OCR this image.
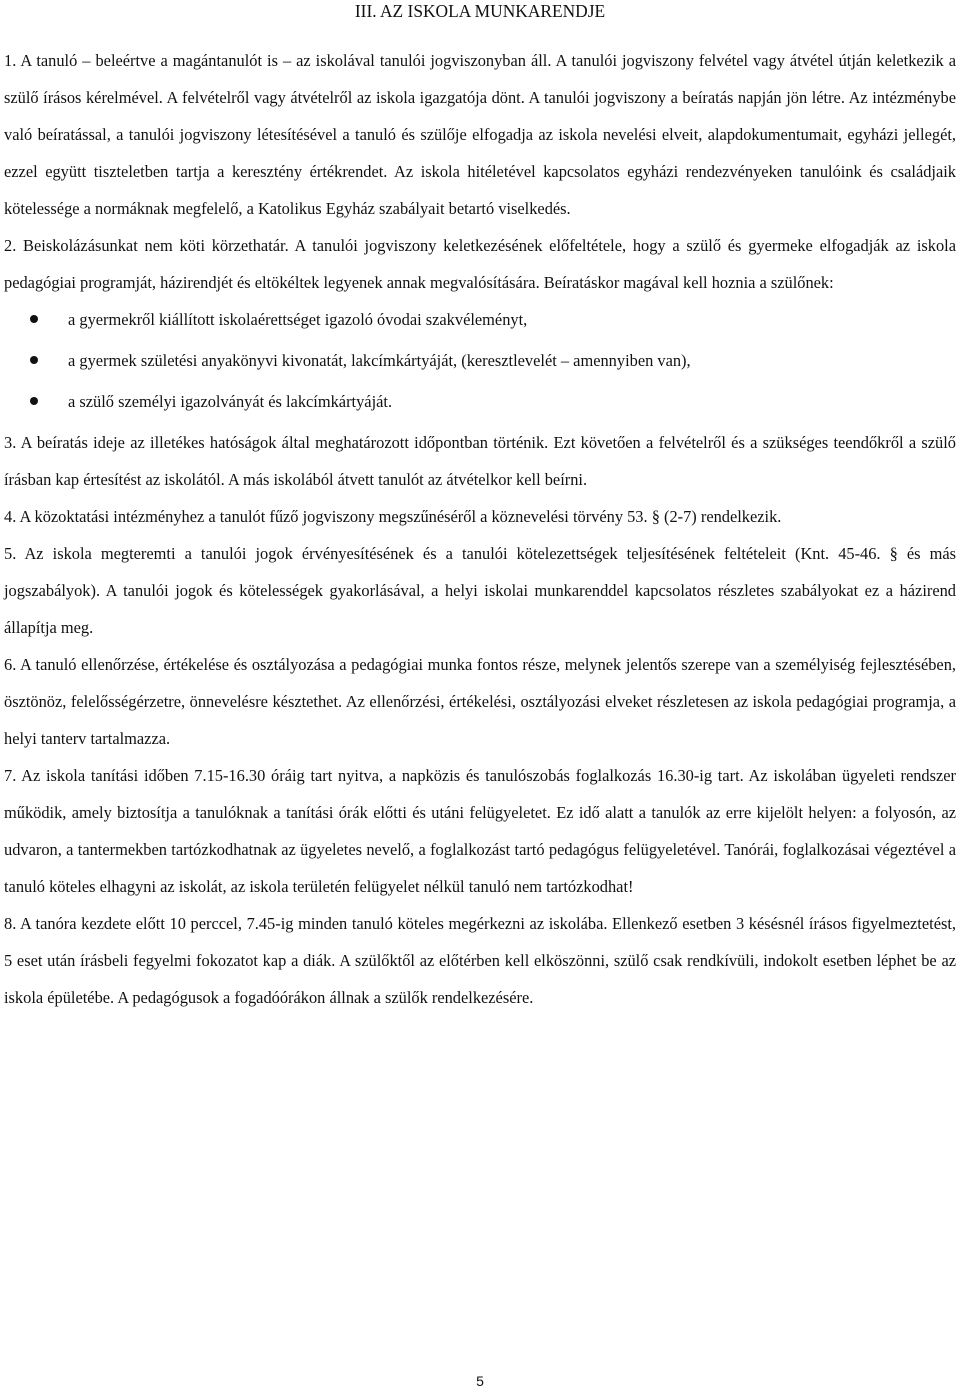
III. AZ ISKOLA MUNKARENDJE

1. A tanuló – beleértve a magántanulót is – az iskolával tanulói jogviszonyban áll. A tanulói jogviszony felvétel vagy átvétel útján keletkezik a szülő írásos kérelmével. A felvételről vagy átvételről az iskola igazgatója dönt. A tanulói jogviszony a beíratás napján jön létre. Az intézménybe való beíratással, a tanulói jogviszony létesítésével a tanuló és szülője elfogadja az iskola nevelési elveit, alapdokumentumait, egyházi jellegét, ezzel együtt tiszteletben tartja a keresztény értékrendet. Az iskola hitéletével kapcsolatos egyházi rendezvényeken tanulóink és családjaik kötelessége a normáknak megfelelő, a Katolikus Egyház szabályait betartó viselkedés.

2. Beiskolázásunkat nem köti körzethatár. A tanulói jogviszony keletkezésének előfeltétele, hogy a szülő és gyermeke elfogadják az iskola pedagógiai programját, házirendjét és eltökéltek legyenek annak megvalósítására. Beíratáskor magával kell hoznia a szülőnek:

a gyermekről kiállított iskolaérettséget igazoló óvodai szakvéleményt,
a gyermek születési anyakönyvi kivonatát, lakcímkártyáját, (keresztlevelét – amennyiben van),
a szülő személyi igazolványát és lakcímkártyáját.

3. A beíratás ideje az illetékes hatóságok által meghatározott időpontban történik. Ezt követően a felvételről és a szükséges teendőkről a szülő írásban kap értesítést az iskolától. A más iskolából átvett tanulót az átvételkor kell beírni.

4. A közoktatási intézményhez a tanulót fűző jogviszony megszűnéséről a köznevelési törvény 53. § (2-7) rendelkezik.

5. Az iskola megteremti a tanulói jogok érvényesítésének és a tanulói kötelezettségek teljesítésének feltételeit (Knt. 45-46. § és más jogszabályok). A tanulói jogok és kötelességek gyakorlásával, a helyi iskolai munkarenddel kapcsolatos részletes szabályokat ez a házirend állapítja meg.

6. A tanuló ellenőrzése, értékelése és osztályozása a pedagógiai munka fontos része, melynek jelentős szerepe van a személyiség fejlesztésében, ösztönöz, felelősségérzetre, önnevelésre késztethet. Az ellenőrzési, értékelési, osztályozási elveket részletesen az iskola pedagógiai programja, a helyi tanterv tartalmazza.

7. Az iskola tanítási időben 7.15-16.30 óráig tart nyitva, a napközis és tanulószobás foglalkozás 16.30-ig tart. Az iskolában ügyeleti rendszer működik, amely biztosítja a tanulóknak a tanítási órák előtti és utáni felügyeletet. Ez idő alatt a tanulók az erre kijelölt helyen: a folyosón, az udvaron, a tantermekben tartózkodhatnak az ügyeletes nevelő, a foglalkozást tartó pedagógus felügyeletével. Tanórái, foglalkozásai végeztével a tanuló köteles elhagyni az iskolát, az iskola területén felügyelet nélkül tanuló nem tartózkodhat!

8. A tanóra kezdete előtt 10 perccel, 7.45-ig minden tanuló köteles megérkezni az iskolába. Ellenkező esetben 3 késésnél írásos figyelmeztetést, 5 eset után írásbeli fegyelmi fokozatot kap a diák. A szülőktől az előtérben kell elköszönni, szülő csak rendkívüli, indokolt esetben léphet be az iskola épületébe. A pedagógusok a fogadóórákon állnak a szülők rendelkezésére.

5
